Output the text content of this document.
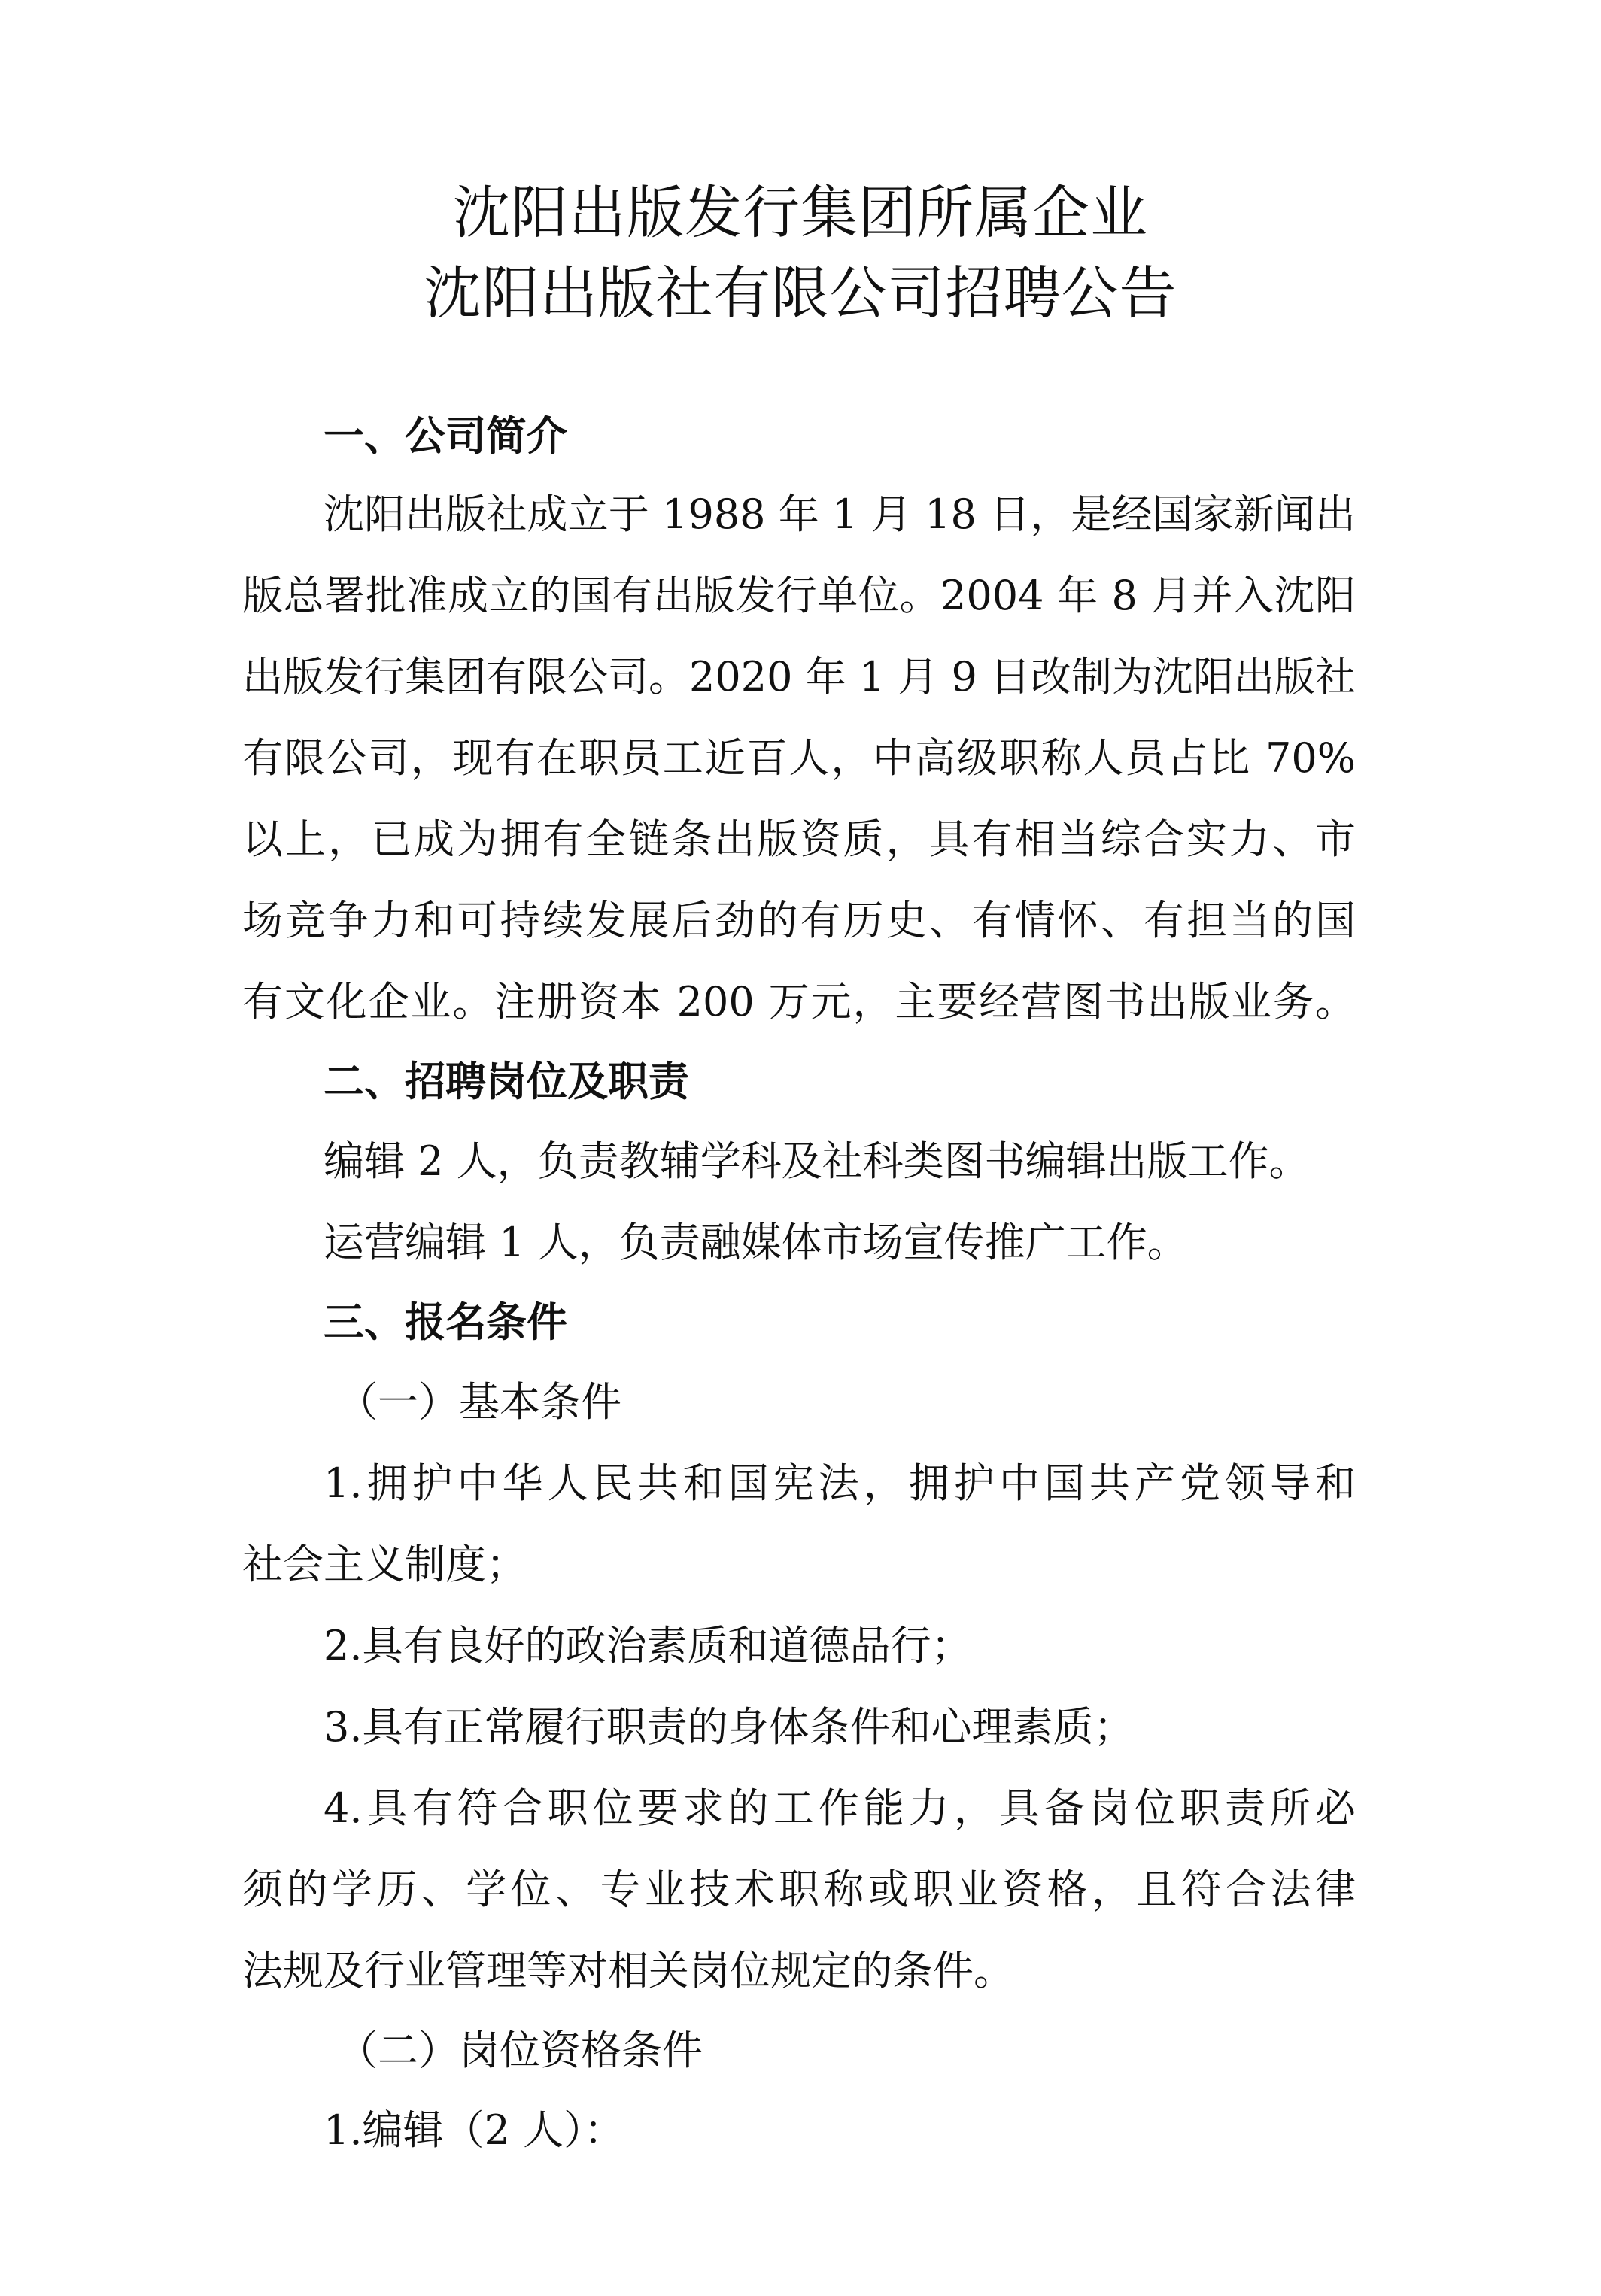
沈阳出版发行集团所属企业
沈阳出版社有限公司招聘公告
一、公司简介
沈阳出版社成立于 1988 年 1 月 18 日，是经国家新闻出
版总署批准成立的国有出版发行单位。2004 年 8 月并入沈阳
出版发行集团有限公司。2020 年 1 月 9 日改制为沈阳出版社
有限公司，现有在职员工近百人，中高级职称人员占比 70%
以上，已成为拥有全链条出版资质，具有相当综合实力、市
场竞争力和可持续发展后劲的有历史、有情怀、有担当的国
有文化企业。注册资本 200 万元，主要经营图书出版业务。
二、招聘岗位及职责
编辑 2 人，负责教辅学科及社科类图书编辑出版工作。
运营编辑 1 人，负责融媒体市场宣传推广工作。
三、报名条件
（一）基本条件
1.拥护中华人民共和国宪法，拥护中国共产党领导和
社会主义制度；
2.具有良好的政治素质和道德品行；
3.具有正常履行职责的身体条件和心理素质；
4.具有符合职位要求的工作能力，具备岗位职责所必
须的学历、学位、专业技术职称或职业资格，且符合法律
法规及行业管理等对相关岗位规定的条件。
（二）岗位资格条件
1.编辑（2 人）：
